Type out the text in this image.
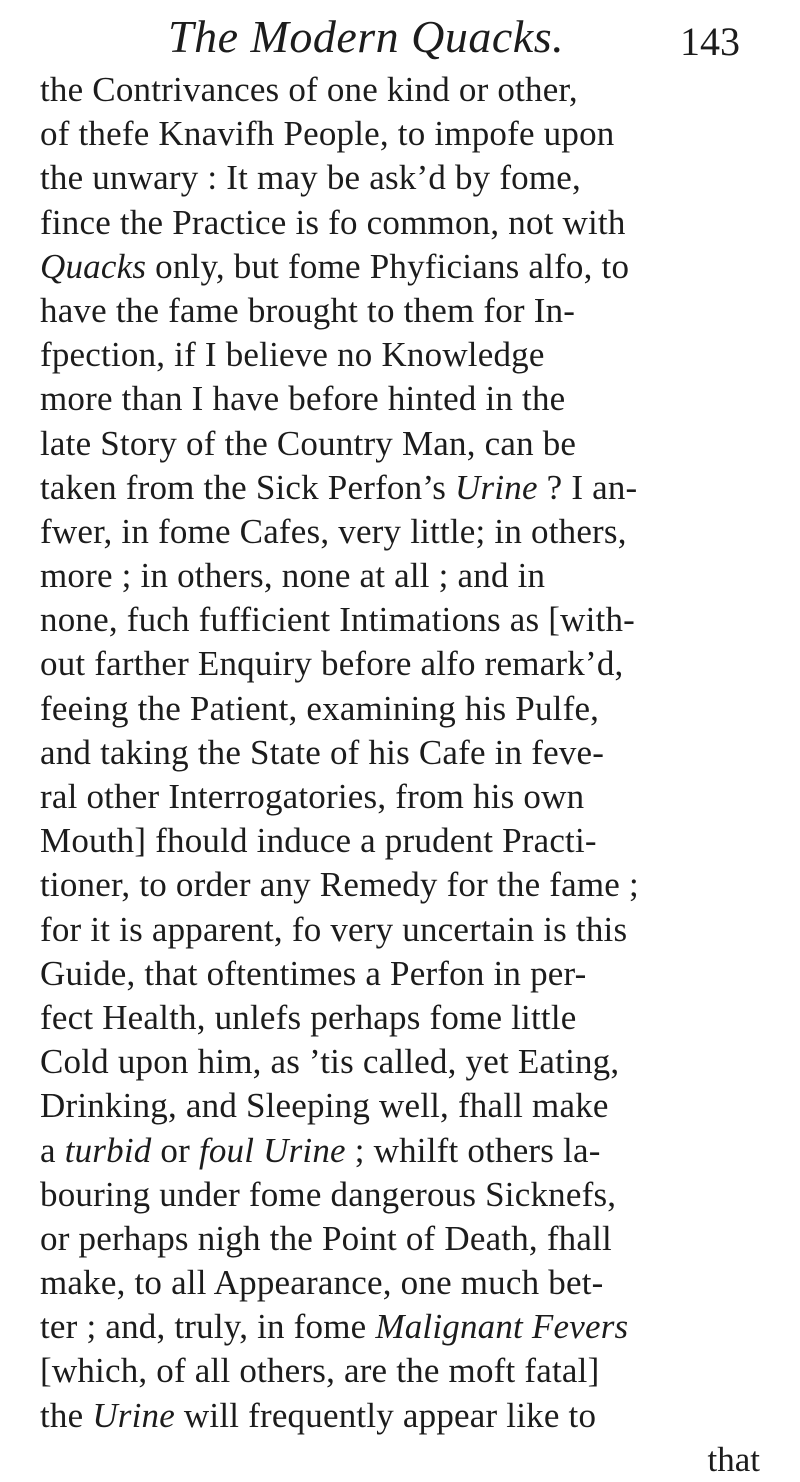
The Modern Quacks.	143
the Contrivances of one kind or other,
of thefe Knavifh People, to impofe upon
the unwary : It may be ask’d by fome,
fince the Practice is fo common, not with
Quacks only, but fome Phyficians alfo, to
have the fame brought to them for In-
fpection, if I believe no Knowledge
more than I have before hinted in the
late Story of the Country Man, can be
taken from the Sick Perfon’s Urine ? I an-
fwer, in fome Cafes, very little; in others,
more ; in others, none at all ; and in
none, fuch fufficient Intimations as [with-
out farther Enquiry before alfo remark’d,
feeing the Patient, examining his Pulfe,
and taking the State of his Cafe in feve-
ral other Interrogatories, from his own
Mouth] fhould induce a prudent Practi-
tioner, to order any Remedy for the fame ;
for it is apparent, fo very uncertain is this
Guide, that oftentimes a Perfon in per-
fect Health, unlefs perhaps fome little
Cold upon him, as ’tis called, yet Eating,
Drinking, and Sleeping well, fhall make
a turbid or foul Urine ; whilft others la-
bouring under fome dangerous Sicknefs,
or perhaps nigh the Point of Death, fhall
make, to all Appearance, one much bet-
ter ; and, truly, in fome Malignant Fevers
[which, of all others, are the moft fatal]
the Urine will frequently appear like to
that
